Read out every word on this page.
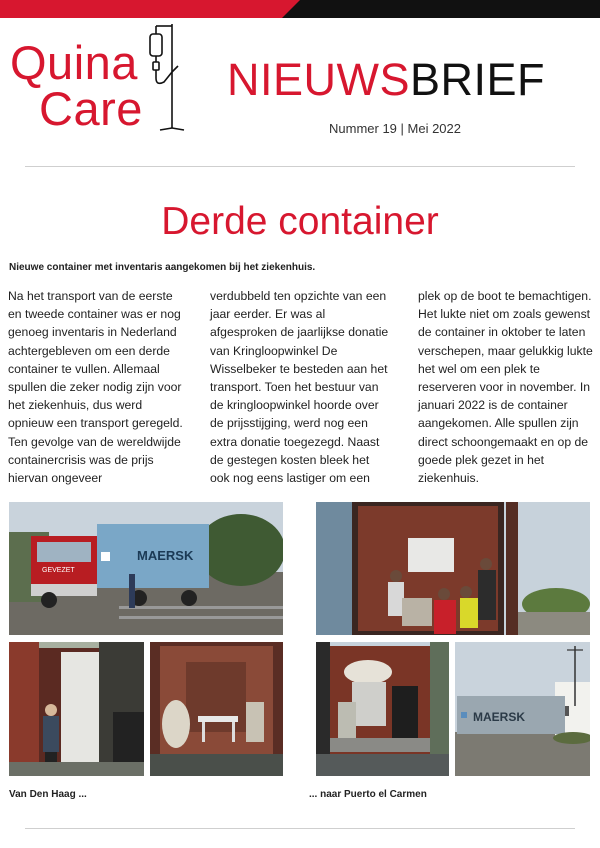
Quina
Care
NIEUWSBRIEF
Nummer 19 | Mei 2022
Derde container
Nieuwe container met inventaris aangekomen bij het ziekenhuis.

Na het transport van de eerste en tweede container was er nog genoeg inventaris in Nederland achtergebleven om een derde container te vullen. Allemaal spullen die zeker nodig zijn voor het ziekenhuis, dus werd opnieuw een transport geregeld. Ten gevolge van de wereldwijde containercrisis was de prijs hiervan ongeveer

verdubbeld ten opzichte van een jaar eerder. Er was al afgesproken de jaarlijkse donatie van Kringloopwinkel De Wisselbeker te besteden aan het transport. Toen het bestuur van de kringloopwinkel hoorde over de prijsstijging, werd nog een extra donatie toegezegd. Naast de gestegen kosten bleek het ook nog eens lastiger om een

plek op de boot te bemachtigen. Het lukte niet om zoals gewenst de container in oktober te laten verschepen, maar gelukkig lukte het wel om een plek te reserveren voor in november. In januari 2022 is de container aangekomen. Alle spullen zijn direct schoongemaakt en op de goede plek gezet in het ziekenhuis.

MAERSK
GEVEZET
MAERSK
Van Den Haag ...	... naar Puerto el Carmen
